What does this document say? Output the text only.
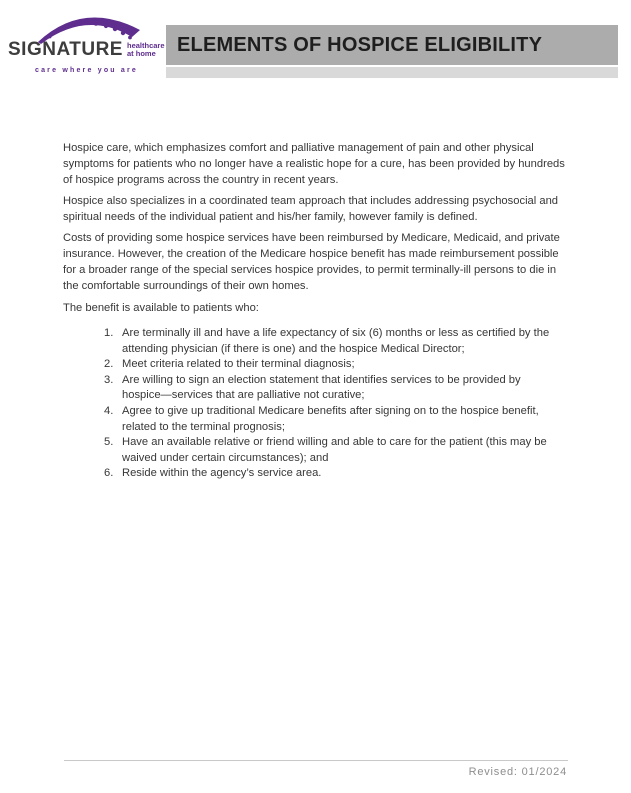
SIGNATURE healthcare
at home
care where you are
ELEMENTS OF HOSPICE ELIGIBILITY

Hospice care, which emphasizes comfort and palliative management of pain and other physical symptoms for patients who no longer have a realistic hope for a cure, has been provided by hundreds of hospice programs across the country in recent years.

Hospice also specializes in a coordinated team approach that includes addressing psychosocial and spiritual needs of the individual patient and his/her family, however family is defined.

Costs of providing some hospice services have been reimbursed by Medicare, Medicaid, and private insurance. However, the creation of the Medicare hospice benefit has made reimbursement possible for a broader range of the special services hospice provides, to permit terminally-ill persons to die in the comfortable surroundings of their own homes.

The benefit is available to patients who:

1. Are terminally ill and have a life expectancy of six (6) months or less as certified by the attending physician (if there is one) and the hospice Medical Director;
2. Meet criteria related to their terminal diagnosis;
3. Are willing to sign an election statement that identifies services to be provided by hospice—services that are palliative not curative;
4. Agree to give up traditional Medicare benefits after signing on to the hospice benefit, related to the terminal prognosis;
5. Have an available relative or friend willing and able to care for the patient (this may be waived under certain circumstances); and
6. Reside within the agency’s service area.
Revised: 01/2024
